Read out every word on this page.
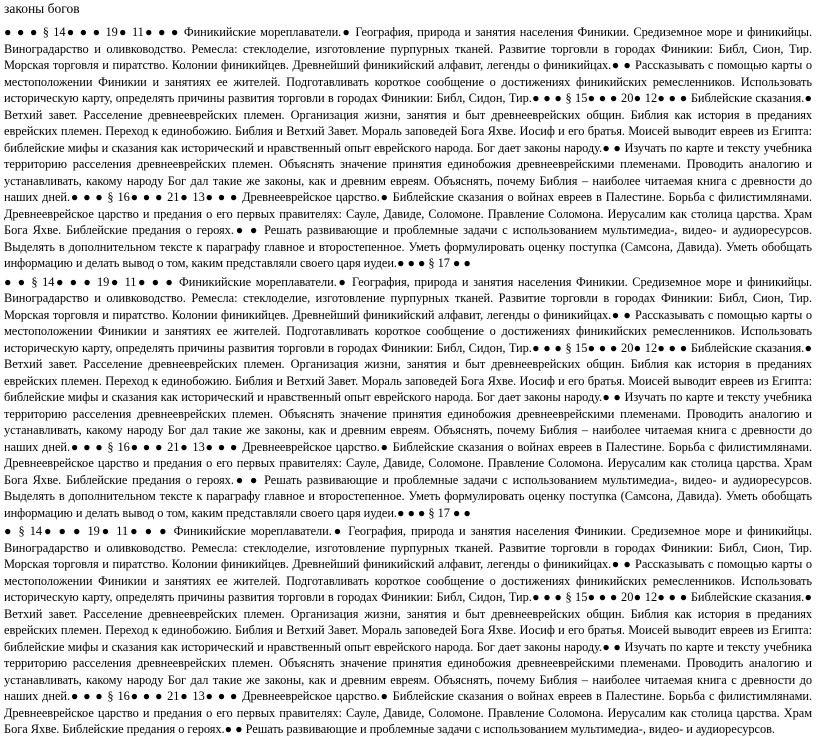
законы богов

● ● ● § 14● ● ● 19● 11● ● ● Финикийские мореплаватели.● География, природа и занятия населения Финикии. Средиземное море и финикийцы. Виноградарство и оливководство. Ремесла: стеклоделие, изготовление пурпурных тканей. Развитие торговли в городах Финикии: Библ, Сион, Тир. Морская торговля и пиратство. Колонии финикийцев. Древнейший финикийский алфавит, легенды о финикийцах.● ● Рассказывать с помощью карты о местоположении Финикии и занятиях ее жителей. Подготавливать короткое сообщение о достижениях финикийских ремесленников. Использовать историческую карту, определять причины развития торговли в городах Финикии: Библ, Сидон, Тир.● ● ● § 15● ● ● 20● 12● ● ● Библейские сказания.● Ветхий завет. Расселение древнееврейских племен. Организация жизни, занятия и быт древнееврейских общин. Библия как история в преданиях еврейских племен. Переход к единобожию. Библия и Ветхий Завет. Мораль заповедей Бога Яхве. Иосиф и его братья. Моисей выводит евреев из Египта: библейские мифы и сказания как исторический и нравственный опыт еврейского народа. Бог дает законы народу.● ● Изучать по карте и тексту учебника территорию расселения древнееврейских племен. Объяснять значение принятия единобожия древнееврейскими племенами. Проводить аналогию и устанавливать, какому народу Бог дал такие же законы, как и древним евреям. Объяснять, почему Библия – наиболее читаемая книга с древности до наших дней.● ● ● § 16● ● ● 21● 13● ● ● Древнееврейское царство.● Библейские сказания о войнах евреев в Палестине. Борьба с филистимлянами. Древнееврейское царство и предания о его первых правителях: Сауле, Давиде, Соломоне. Правление Соломона. Иерусалим как столица царства. Храм Бога Яхве. Библейские предания о героях.● ● Решать развивающие и проблемные задачи с использованием мультимедиа-, видео- и аудиоресурсов. Выделять в дополнительном тексте к параграфу главное и второстепенное. Уметь формулировать оценку поступка (Самсона, Давида). Уметь обобщать информацию и делать вывод о том, каким представляли своего царя иудеи.● ● ● § 17 ● ●

● ● § 14● ● ● 19● 11● ● ● Финикийские мореплаватели.● География, природа и занятия населения Финикии. Средиземное море и финикийцы. Виноградарство и оливководство. Ремесла: стеклоделие, изготовление пурпурных тканей. Развитие торговли в городах Финикии: Библ, Сион, Тир. Морская торговля и пиратство. Колонии финикийцев. Древнейший финикийский алфавит, легенды о финикийцах.● ● Рассказывать с помощью карты о местоположении Финикии и занятиях ее жителей. Подготавливать короткое сообщение о достижениях финикийских ремесленников. Использовать историческую карту, определять причины развития торговли в городах Финикии: Библ, Сидон, Тир.● ● ● § 15● ● ● 20● 12● ● ● Библейские сказания.● Ветхий завет. Расселение древнееврейских племен. Организация жизни, занятия и быт древнееврейских общин. Библия как история в преданиях еврейских племен. Переход к единобожию. Библия и Ветхий Завет. Мораль заповедей Бога Яхве. Иосиф и его братья. Моисей выводит евреев из Египта: библейские мифы и сказания как исторический и нравственный опыт еврейского народа. Бог дает законы народу.● ● Изучать по карте и тексту учебника территорию расселения древнееврейских племен. Объяснять значение принятия единобожия древнееврейскими племенами. Проводить аналогию и устанавливать, какому народу Бог дал такие же законы, как и древним евреям. Объяснять, почему Библия – наиболее читаемая книга с древности до наших дней.● ● ● § 16● ● ● 21● 13● ● ● Древнееврейское царство.● Библейские сказания о войнах евреев в Палестине. Борьба с филистимлянами. Древнееврейское царство и предания о его первых правителях: Сауле, Давиде, Соломоне. Правление Соломона. Иерусалим как столица царства. Храм Бога Яхве. Библейские предания о героях.● ● Решать развивающие и проблемные задачи с использованием мультимедиа-, видео- и аудиоресурсов. Выделять в дополнительном тексте к параграфу главное и второстепенное. Уметь формулировать оценку поступка (Самсона, Давида). Уметь обобщать информацию и делать вывод о том, каким представляли своего царя иудеи.● ● ● § 17 ● ●

● § 14● ● ● 19● 11● ● ● Финикийские мореплаватели.● География, природа и занятия населения Финикии. Средиземное море и финикийцы. Виноградарство и оливководство. Ремесла: стеклоделие, изготовление пурпурных тканей. Развитие торговли в городах Финикии: Библ, Сион, Тир. Морская торговля и пиратство. Колонии финикийцев. Древнейший финикийский алфавит, легенды о финикийцах.● ● Рассказывать с помощью карты о местоположении Финикии и занятиях ее жителей. Подготавливать короткое сообщение о достижениях финикийских ремесленников. Использовать историческую карту, определять причины развития торговли в городах Финикии: Библ, Сидон, Тир.● ● ● § 15● ● ● 20● 12● ● ● Библейские сказания.● Ветхий завет. Расселение древнееврейских племен. Организация жизни, занятия и быт древнееврейских общин. Библия как история в преданиях еврейских племен. Переход к единобожию. Библия и Ветхий Завет. Мораль заповедей Бога Яхве. Иосиф и его братья. Моисей выводит евреев из Египта: библейские мифы и сказания как исторический и нравственный опыт еврейского народа. Бог дает законы народу.● ● Изучать по карте и тексту учебника территорию расселения древнееврейских племен. Объяснять значение принятия единобожия древнееврейскими племенами. Проводить аналогию и устанавливать, какому народу Бог дал такие же законы, как и древним евреям. Объяснять, почему Библия – наиболее читаемая книга с древности до наших дней.● ● ● § 16● ● ● 21● 13● ● ● Древнееврейское царство.● Библейские сказания о войнах евреев в Палестине. Борьба с филистимлянами. Древнееврейское царство и предания о его первых правителях: Сауле, Давиде, Соломоне. Правление Соломона. Иерусалим как столица царства. Храм Бога Яхве. Библейские предания о героях.● ● Решать развивающие и проблемные задачи с использованием мультимедиа-, видео- и аудиоресурсов.
